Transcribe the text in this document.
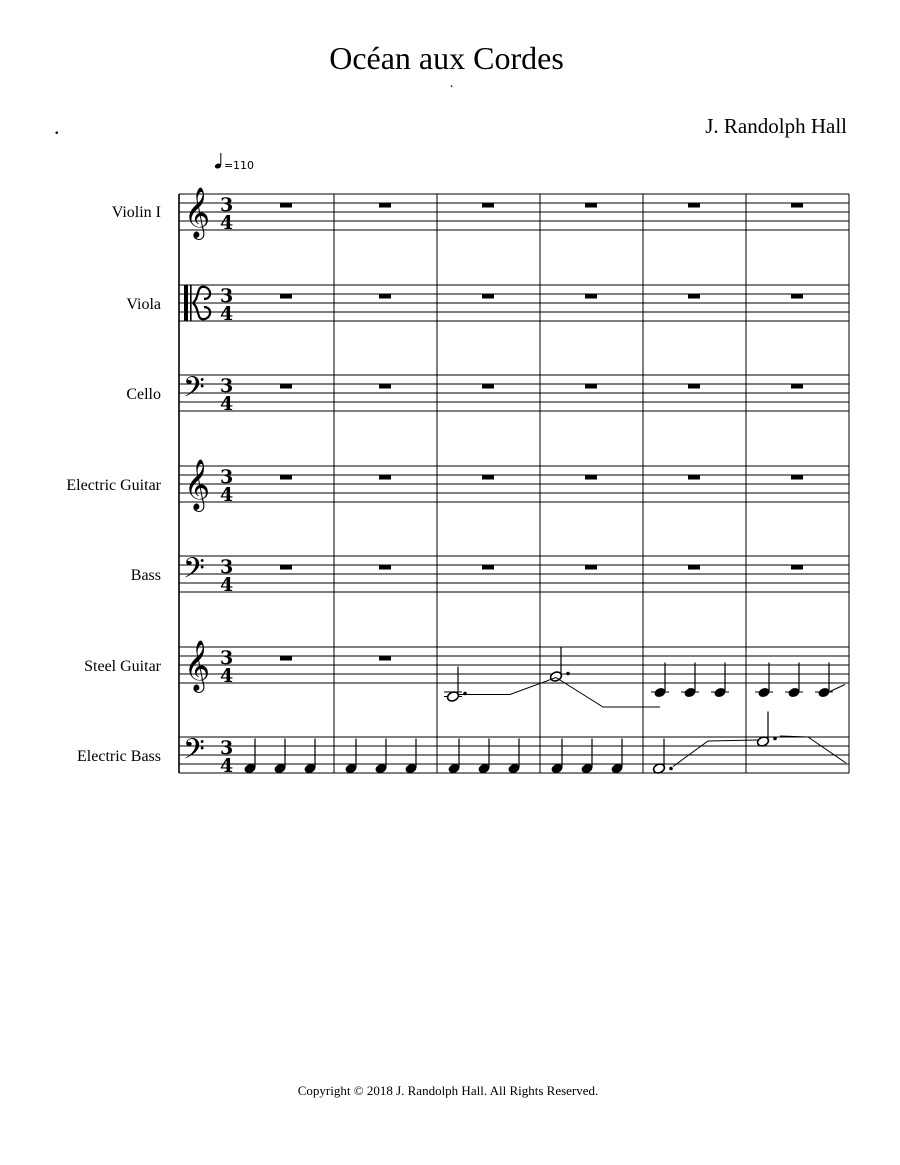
Océan aux Cordes
.
.	J. Randolph Hall
Violin I
Viola
Cello
Electric Guitar
Bass
Steel Guitar
Electric Bass
= 110
𝄞
𝄢
𝄞
𝄢
𝄞
𝄢
3
4
3
4
3
4
3
4
3
4
3
4
3
4
Copyright © 2018 J. Randolph Hall. All Rights Reserved.
